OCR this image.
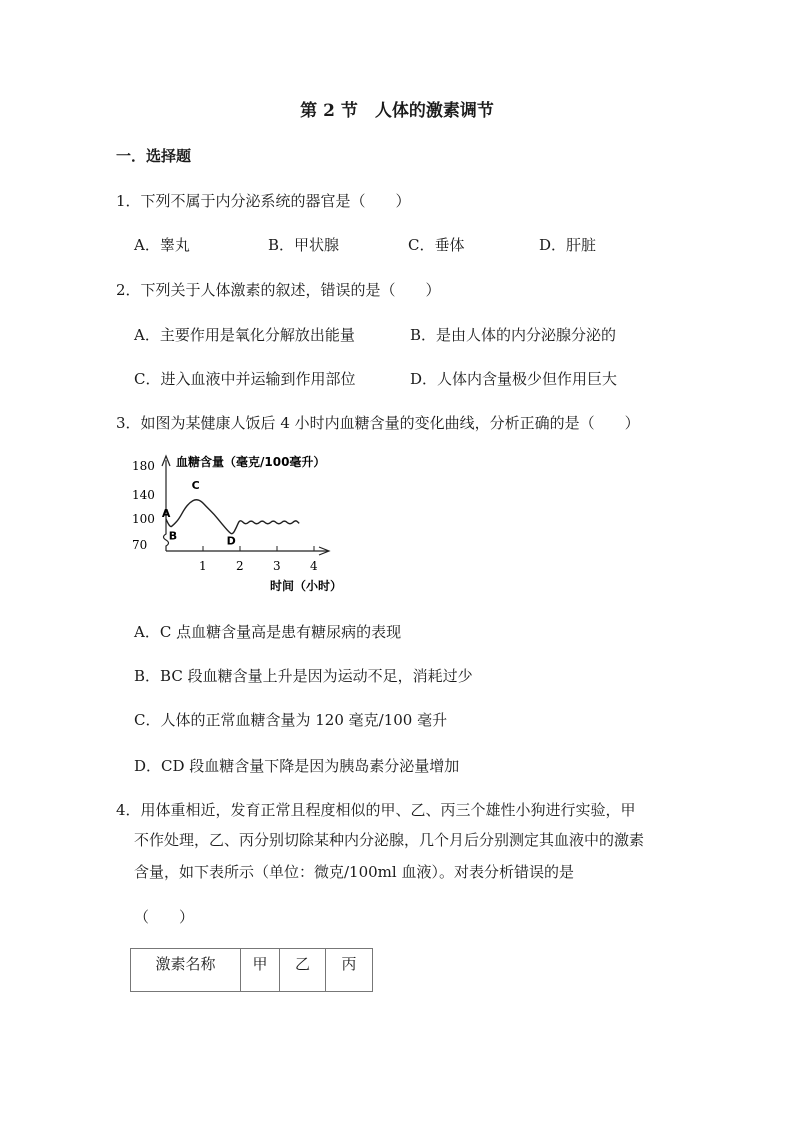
第 2 节　人体的激素调节
一．选择题
1．下列不属于内分泌系统的器官是（　　）
A．睾丸	B．甲状腺	C．垂体	D．肝脏
2．下列关于人体激素的叙述，错误的是（　　）
A．主要作用是氧化分解放出能量	B．是由人体的内分泌腺分泌的
C．进入血液中并运输到作用部位	D．人体内含量极少但作用巨大
3．如图为某健康人饭后 4 小时内血糖含量的变化曲线，分析正确的是（　　）
70
100
140
180
1 2 3 4
A
B
C
D
血糖含量（毫克/100毫升）
时间（小时）
A．C 点血糖含量高是患有糖尿病的表现
B．BC 段血糖含量上升是因为运动不足，消耗过少
C．人体的正常血糖含量为 120 毫克/100 毫升
D．CD 段血糖含量下降是因为胰岛素分泌量增加
4．用体重相近，发育正常且程度相似的甲、乙、丙三个雄性小狗进行实验，甲
不作处理，乙、丙分别切除某种内分泌腺，几个月后分别测定其血液中的激素
含量，如下表所示（单位：微克/100ml 血液）。对表分析错误的是
（　　）
激素名称	甲	乙	丙
